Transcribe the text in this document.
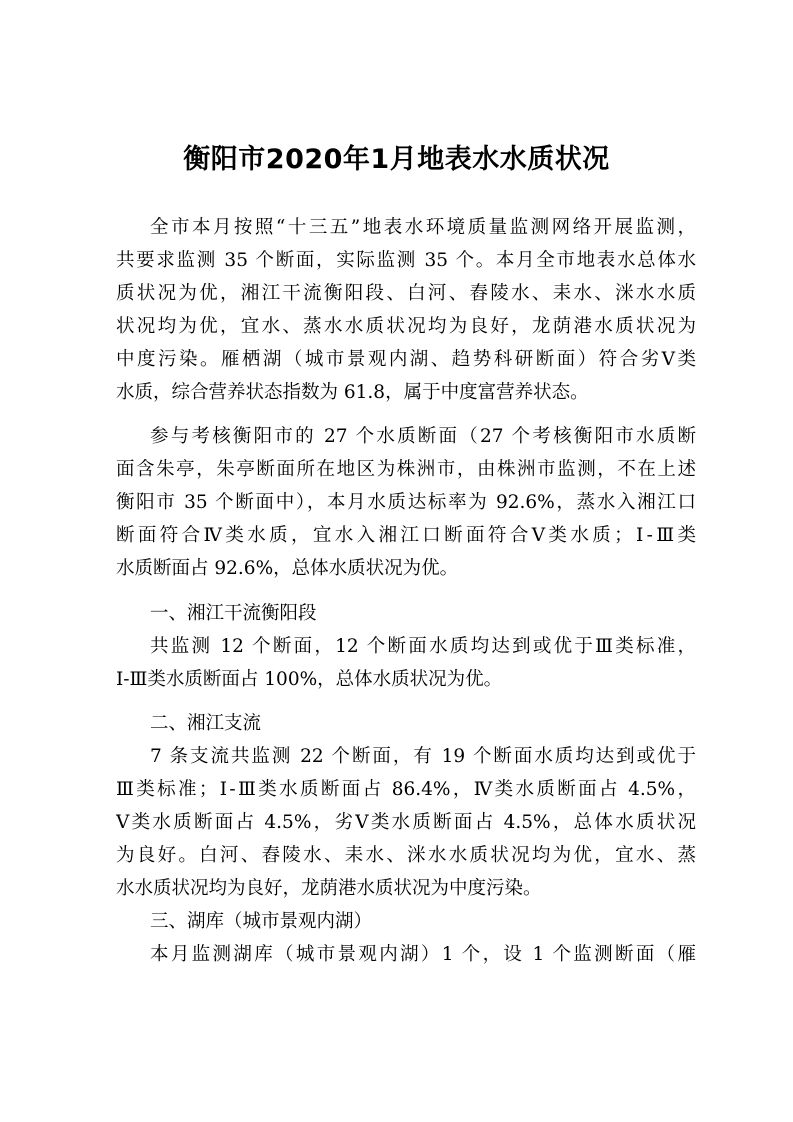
衡阳市2020年1月地表水水质状况

全市本月按照“十三五”地表水环境质量监测网络开展监测，

共要求监测 35 个断面，实际监测 35 个。本月全市地表水总体水

质状况为优，湘江干流衡阳段、白河、舂陵水、耒水、洣水水质

状况均为优，宜水、蒸水水质状况均为良好，龙荫港水质状况为

中度污染。雁栖湖（城市景观内湖、趋势科研断面）符合劣Ⅴ类

水质，综合营养状态指数为 61.8，属于中度富营养状态。

参与考核衡阳市的 27 个水质断面（27 个考核衡阳市水质断

面含朱亭，朱亭断面所在地区为株洲市，由株洲市监测，不在上述

衡阳市 35 个断面中），本月水质达标率为 92.6%，蒸水入湘江口

断面符合Ⅳ类水质，宜水入湘江口断面符合Ⅴ类水质；Ⅰ-Ⅲ类

水质断面占 92.6%，总体水质状况为优。

一、湘江干流衡阳段

共监测 12 个断面，12 个断面水质均达到或优于Ⅲ类标准，

Ⅰ-Ⅲ类水质断面占 100%，总体水质状况为优。

二、湘江支流

7 条支流共监测 22 个断面，有 19 个断面水质均达到或优于

Ⅲ类标准；Ⅰ-Ⅲ类水质断面占 86.4%，Ⅳ类水质断面占 4.5%，

Ⅴ类水质断面占 4.5%，劣Ⅴ类水质断面占 4.5%，总体水质状况

为良好。白河、舂陵水、耒水、洣水水质状况均为优，宜水、蒸

水水质状况均为良好，龙荫港水质状况为中度污染。

三、湖库（城市景观内湖）

本月监测湖库（城市景观内湖）1 个，设 1 个监测断面（雁
